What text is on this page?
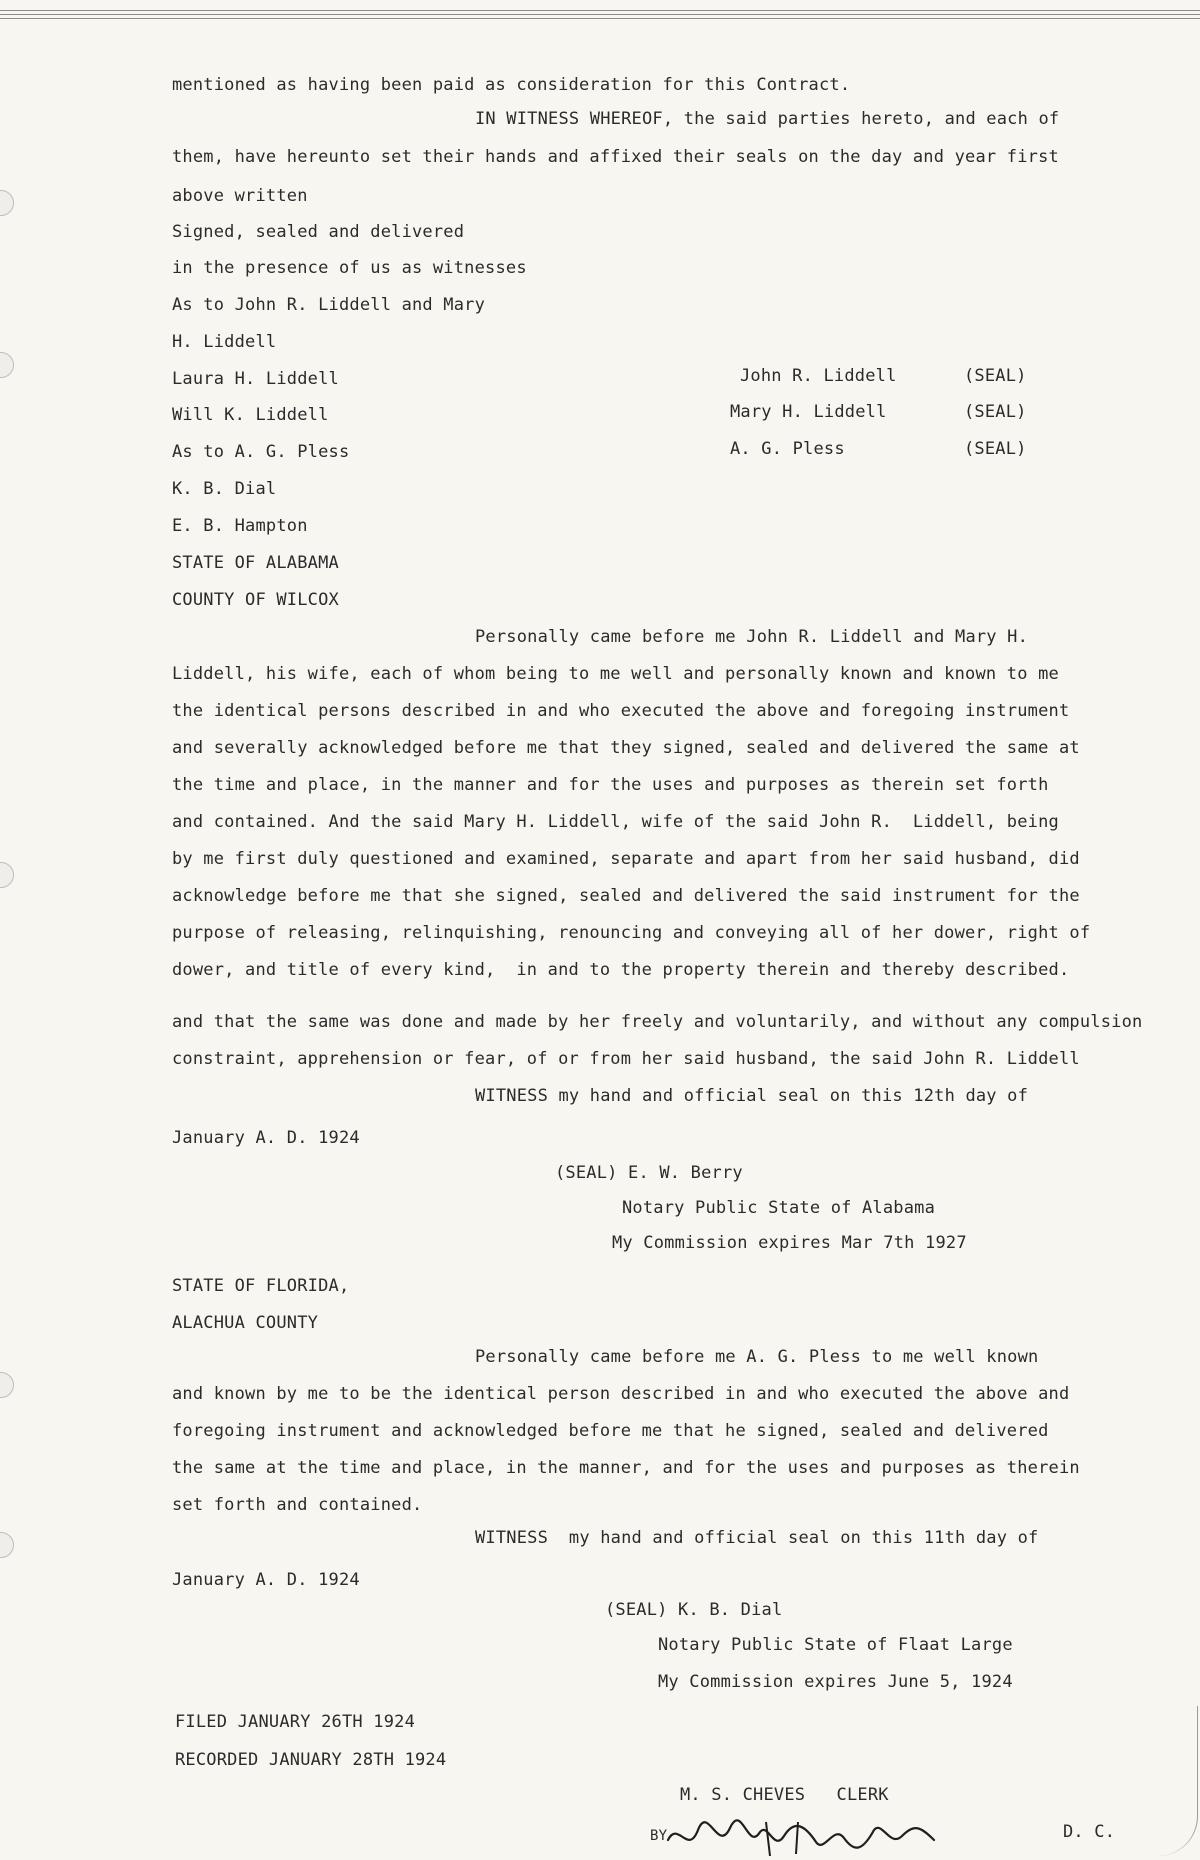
mentioned as having been paid as consideration for this Contract.
IN WITNESS WHEREOF, the said parties hereto, and each of
them, have hereunto set their hands and affixed their seals on the day and year first
above written
Signed, sealed and delivered
in the presence of us as witnesses
As to John R. Liddell and Mary
H. Liddell
Laura H. Liddell	John R. Liddell	(SEAL)
Will K. Liddell	Mary H. Liddell	(SEAL)
As to A. G. Pless	A. G. Pless	(SEAL)
K. B. Dial
E. B. Hampton
STATE OF ALABAMA
COUNTY OF WILCOX
Personally came before me John R. Liddell and Mary H.
Liddell, his wife, each of whom being to me well and personally known and known to me
the identical persons described in and who executed the above and foregoing instrument
and severally acknowledged before me that they signed, sealed and delivered the same at
the time and place, in the manner and for the uses and purposes as therein set forth
and contained. And the said Mary H. Liddell, wife of the said John R.  Liddell, being
by me first duly questioned and examined, separate and apart from her said husband, did
acknowledge before me that she signed, sealed and delivered the said instrument for the
purpose of releasing, relinquishing, renouncing and conveying all of her dower, right of
dower, and title of every kind,  in and to the property therein and thereby described.
and that the same was done and made by her freely and voluntarily, and without any compulsion
constraint, apprehension or fear, of or from her said husband, the said John R. Liddell
WITNESS my hand and official seal on this 12th day of
January A. D. 1924
(SEAL) E. W. Berry
Notary Public State of Alabama
My Commission expires Mar 7th 1927
STATE OF FLORIDA,
ALACHUA COUNTY
Personally came before me A. G. Pless to me well known
and known by me to be the identical person described in and who executed the above and
foregoing instrument and acknowledged before me that he signed, sealed and delivered
the same at the time and place, in the manner, and for the uses and purposes as therein
set forth and contained.
WITNESS  my hand and official seal on this 11th day of
January A. D. 1924
(SEAL) K. B. Dial
Notary Public State of Flaat Large
My Commission expires June 5, 1924
FILED JANUARY 26TH 1924
RECORDED JANUARY 28TH 1924
M. S. CHEVES   CLERK
BY	D. C.
